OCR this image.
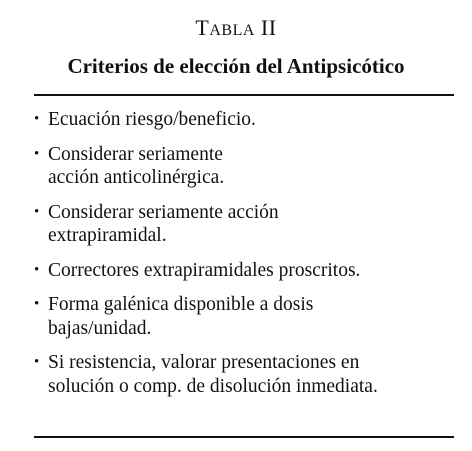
TABLA II
Criterios de elección del Antipsicótico
• Ecuación riesgo/beneficio.
• Considerar seriamente
acción anticolinérgica.
• Considerar seriamente acción
extrapiramidal.
• Correctores extrapiramidales proscritos.
• Forma galénica disponible a dosis
bajas/unidad.
• Si resistencia, valorar presentaciones en
solución o comp. de disolución inmediata.
